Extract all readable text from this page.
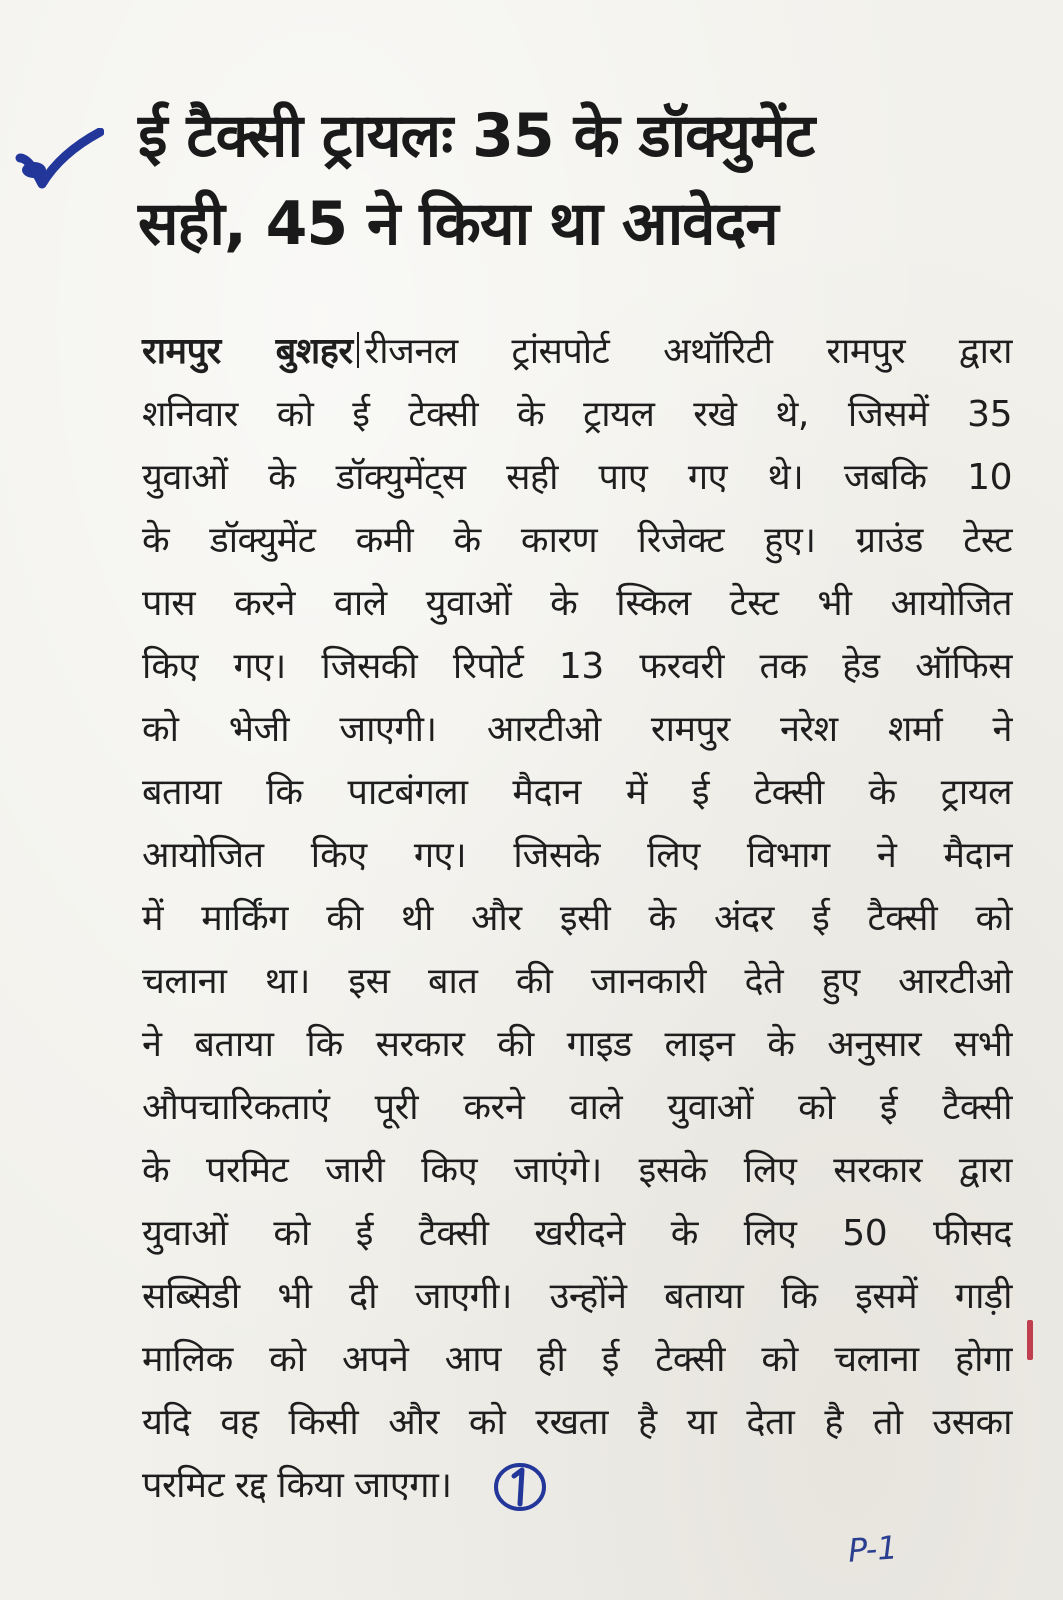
ई टैक्सी ट्रायलः 35 के डॉक्युमेंट
सही, 45 ने किया था आवेदन
रामपुर बुशहर रीजनल ट्रांसपोर्ट अथॉरिटी रामपुर द्वारा
शनिवार को ई टेक्सी के ट्रायल रखे थे, जिसमें 35
युवाओं के डॉक्युमेंट्स सही पाए गए थे। जबकि 10
के डॉक्युमेंट कमी के कारण रिजेक्ट हुए। ग्राउंड टेस्ट
पास करने वाले युवाओं के स्किल टेस्ट भी आयोजित
किए गए। जिसकी रिपोर्ट 13 फरवरी तक हेड ऑफिस
को भेजी जाएगी। आरटीओ रामपुर नरेश शर्मा ने
बताया कि पाटबंगला मैदान में ई टेक्सी के ट्रायल
आयोजित किए गए। जिसके लिए विभाग ने मैदान
में मार्किंग की थी और इसी के अंदर ई टैक्सी को
चलाना था। इस बात की जानकारी देते हुए आरटीओ
ने बताया कि सरकार की गाइड लाइन के अनुसार सभी
औपचारिकताएं पूरी करने वाले युवाओं को ई टैक्सी
के परमिट जारी किए जाएंगे। इसके लिए सरकार द्वारा
युवाओं को ई टैक्सी खरीदने के लिए 50 फीसद
सब्सिडी भी दी जाएगी। उन्होंने बताया कि इसमें गाड़ी
मालिक को अपने आप ही ई टेक्सी को चलाना होगा
यदि वह किसी और को रखता है या देता है तो उसका
परमिट रद्द किया जाएगा।
P-1
